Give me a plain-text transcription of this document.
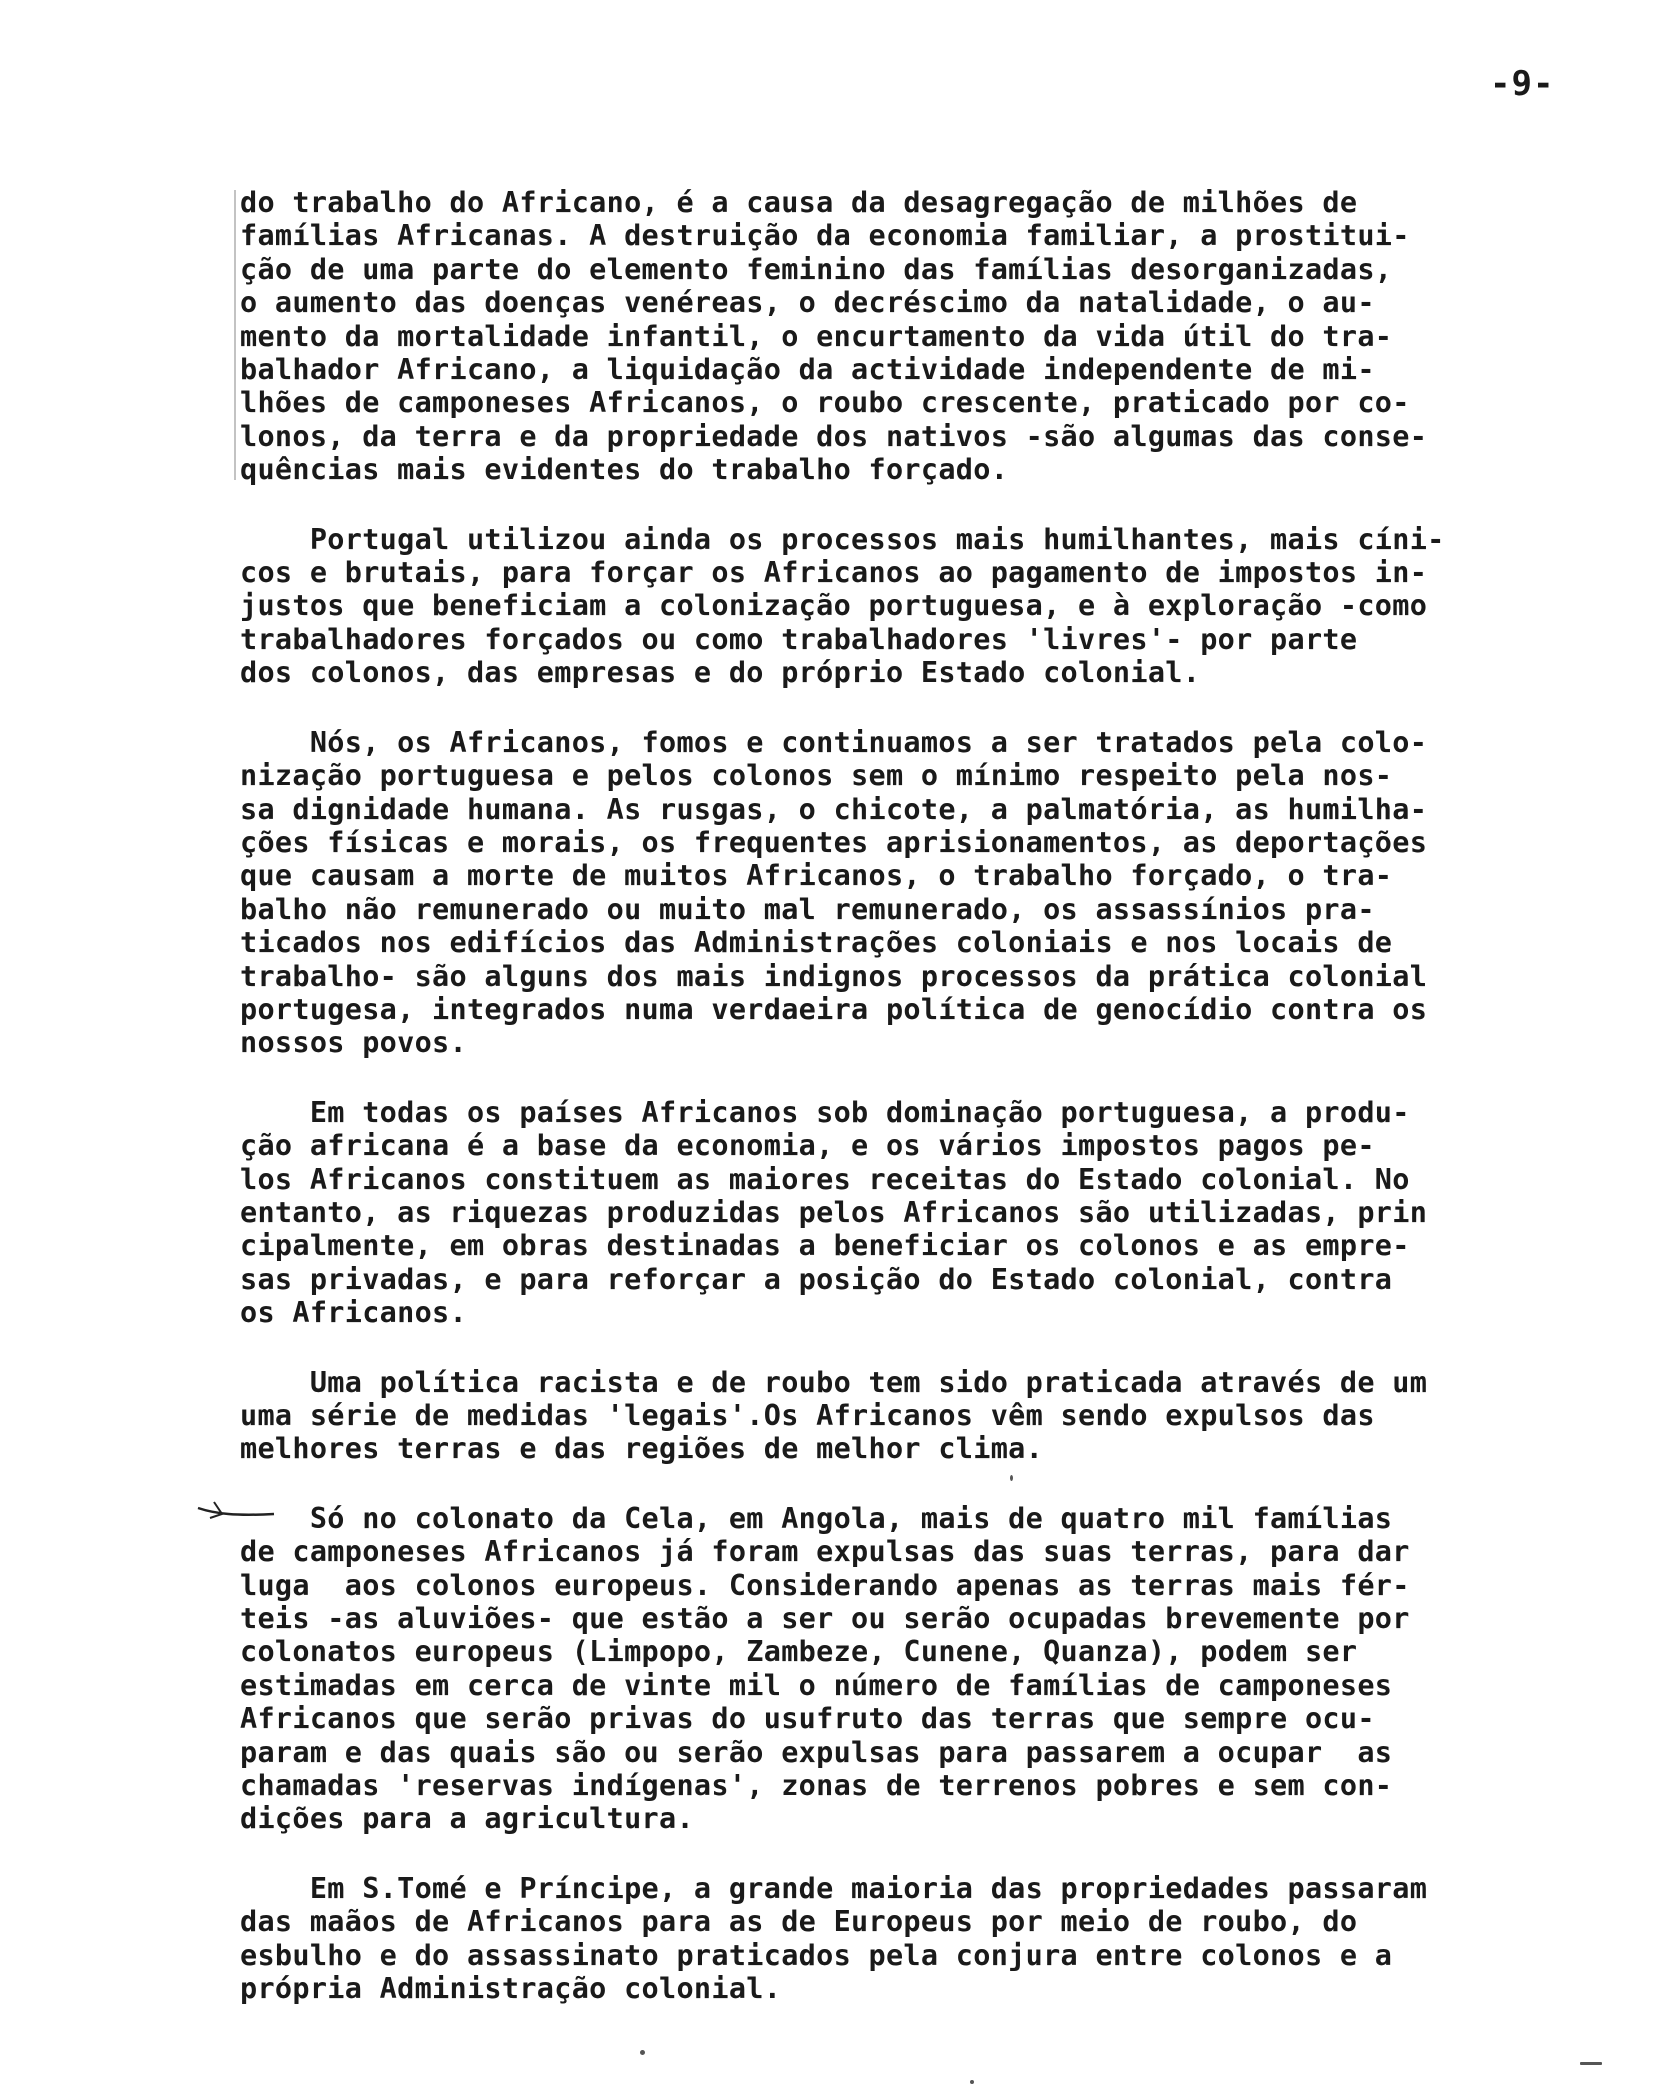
-9-
do trabalho do Africano, é a causa da desagregação de milhões de
famílias Africanas. A destruição da economia familiar, a prostitui-
ção de uma parte do elemento feminino das famílias desorganizadas,
o aumento das doenças venéreas, o decréscimo da natalidade, o au-
mento da mortalidade infantil, o encurtamento da vida útil do tra-
balhador Africano, a liquidação da actividade independente de mi-
lhões de camponeses Africanos, o roubo crescente, praticado por co-
lonos, da terra e da propriedade dos nativos -são algumas das conse-
quências mais evidentes do trabalho forçado.
Portugal utilizou ainda os processos mais humilhantes, mais cíni-
cos e brutais, para forçar os Africanos ao pagamento de impostos in-
justos que beneficiam a colonização portuguesa, e à exploração -como
trabalhadores forçados ou como trabalhadores 'livres'- por parte
dos colonos, das empresas e do próprio Estado colonial.
Nós, os Africanos, fomos e continuamos a ser tratados pela colo-
nização portuguesa e pelos colonos sem o mínimo respeito pela nos-
sa dignidade humana. As rusgas, o chicote, a palmatória, as humilha-
ções físicas e morais, os frequentes aprisionamentos, as deportações
que causam a morte de muitos Africanos, o trabalho forçado, o tra-
balho não remunerado ou muito mal remunerado, os assassínios pra-
ticados nos edifícios das Administrações coloniais e nos locais de
trabalho- são alguns dos mais indignos processos da prática colonial
portugesa, integrados numa verdaeira política de genocídio contra os
nossos povos.
Em todas os países Africanos sob dominação portuguesa, a produ-
ção africana é a base da economia, e os vários impostos pagos pe-
los Africanos constituem as maiores receitas do Estado colonial. No
entanto, as riquezas produzidas pelos Africanos são utilizadas, prin
cipalmente, em obras destinadas a beneficiar os colonos e as empre-
sas privadas, e para reforçar a posição do Estado colonial, contra
os Africanos.
Uma política racista e de roubo tem sido praticada através de um
uma série de medidas 'legais'.Os Africanos vêm sendo expulsos das
melhores terras e das regiões de melhor clima.
Só no colonato da Cela, em Angola, mais de quatro mil famílias
de camponeses Africanos já foram expulsas das suas terras, para dar
luga  aos colonos europeus. Considerando apenas as terras mais fér-
teis -as aluviões- que estão a ser ou serão ocupadas brevemente por
colonatos europeus (Limpopo, Zambeze, Cunene, Quanza), podem ser
estimadas em cerca de vinte mil o número de famílias de camponeses
Africanos que serão privas do usufruto das terras que sempre ocu-
param e das quais são ou serão expulsas para passarem a ocupar  as
chamadas 'reservas indígenas', zonas de terrenos pobres e sem con-
dições para a agricultura.
Em S.Tomé e Príncipe, a grande maioria das propriedades passaram
das maãos de Africanos para as de Europeus por meio de roubo, do
esbulho e do assassinato praticados pela conjura entre colonos e a
própria Administração colonial.
